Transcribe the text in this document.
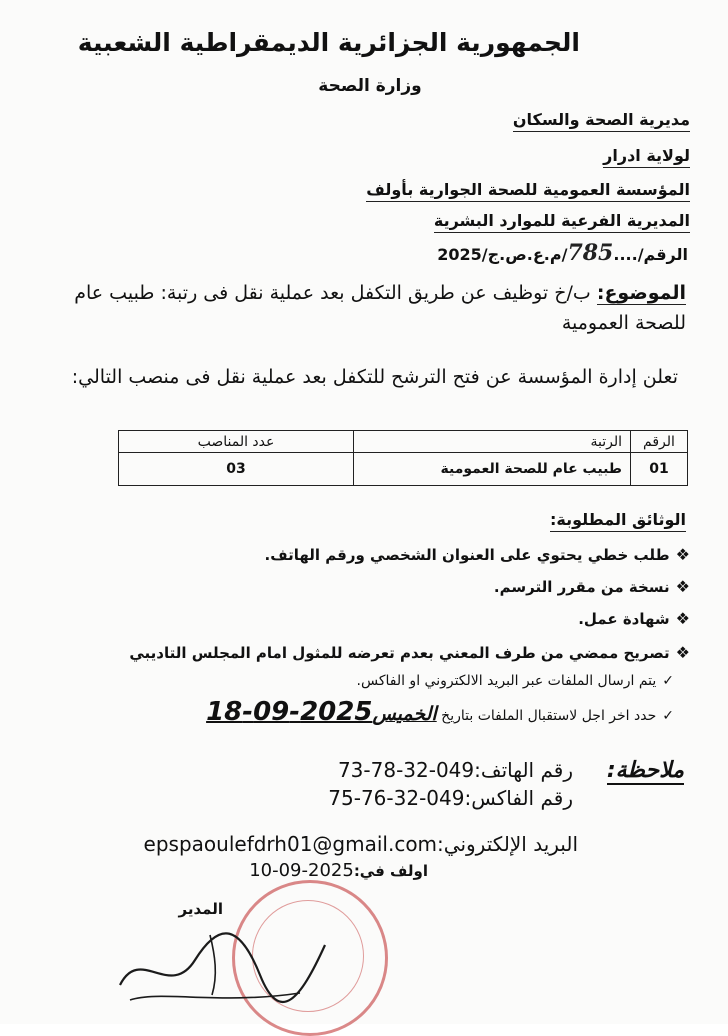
الجمهورية الجزائرية الديمقراطية الشعبية
وزارة الصحة
مديرية الصحة والسكان
لولاية ادرار
المؤسسة العمومية للصحة الجوارية بأولف
المديرية الفرعية للموارد البشرية
الرقم/....785/م.ع.ص.ج/2025
الموضوع: ب/خ توظيف عن طريق التكفل بعد عملية نقل فى رتبة: طبيب عام للصحة العمومية
تعلن إدارة المؤسسة عن فتح الترشح للتكفل بعد عملية نقل فى منصب التالي:
الرقم	الرتبة	عدد المناصب
01	طبيب عام للصحة العمومية	03
الوثائق المطلوبة:
❖طلب خطي يحتوي على العنوان الشخصي ورقم الهاتف.
❖نسخة من مقرر الترسم.
❖شهادة عمل.
❖تصريح ممضي من طرف المعني بعدم تعرضه للمثول امام المجلس التاديبي
✓يتم ارسال الملفات عبر البريد الالكتروني او الفاكس.
✓حدد اخر اجل لاستقبال الملفات بتاريخ الخميس2025-09-18
ملاحظة:
رقم الهاتف:049-32-78-73
رقم الفاكس:049-32-76-75
البريد الإلكتروني:epspaoulefdrh01@gmail.com
اولف في:2025-09-10
المدير
